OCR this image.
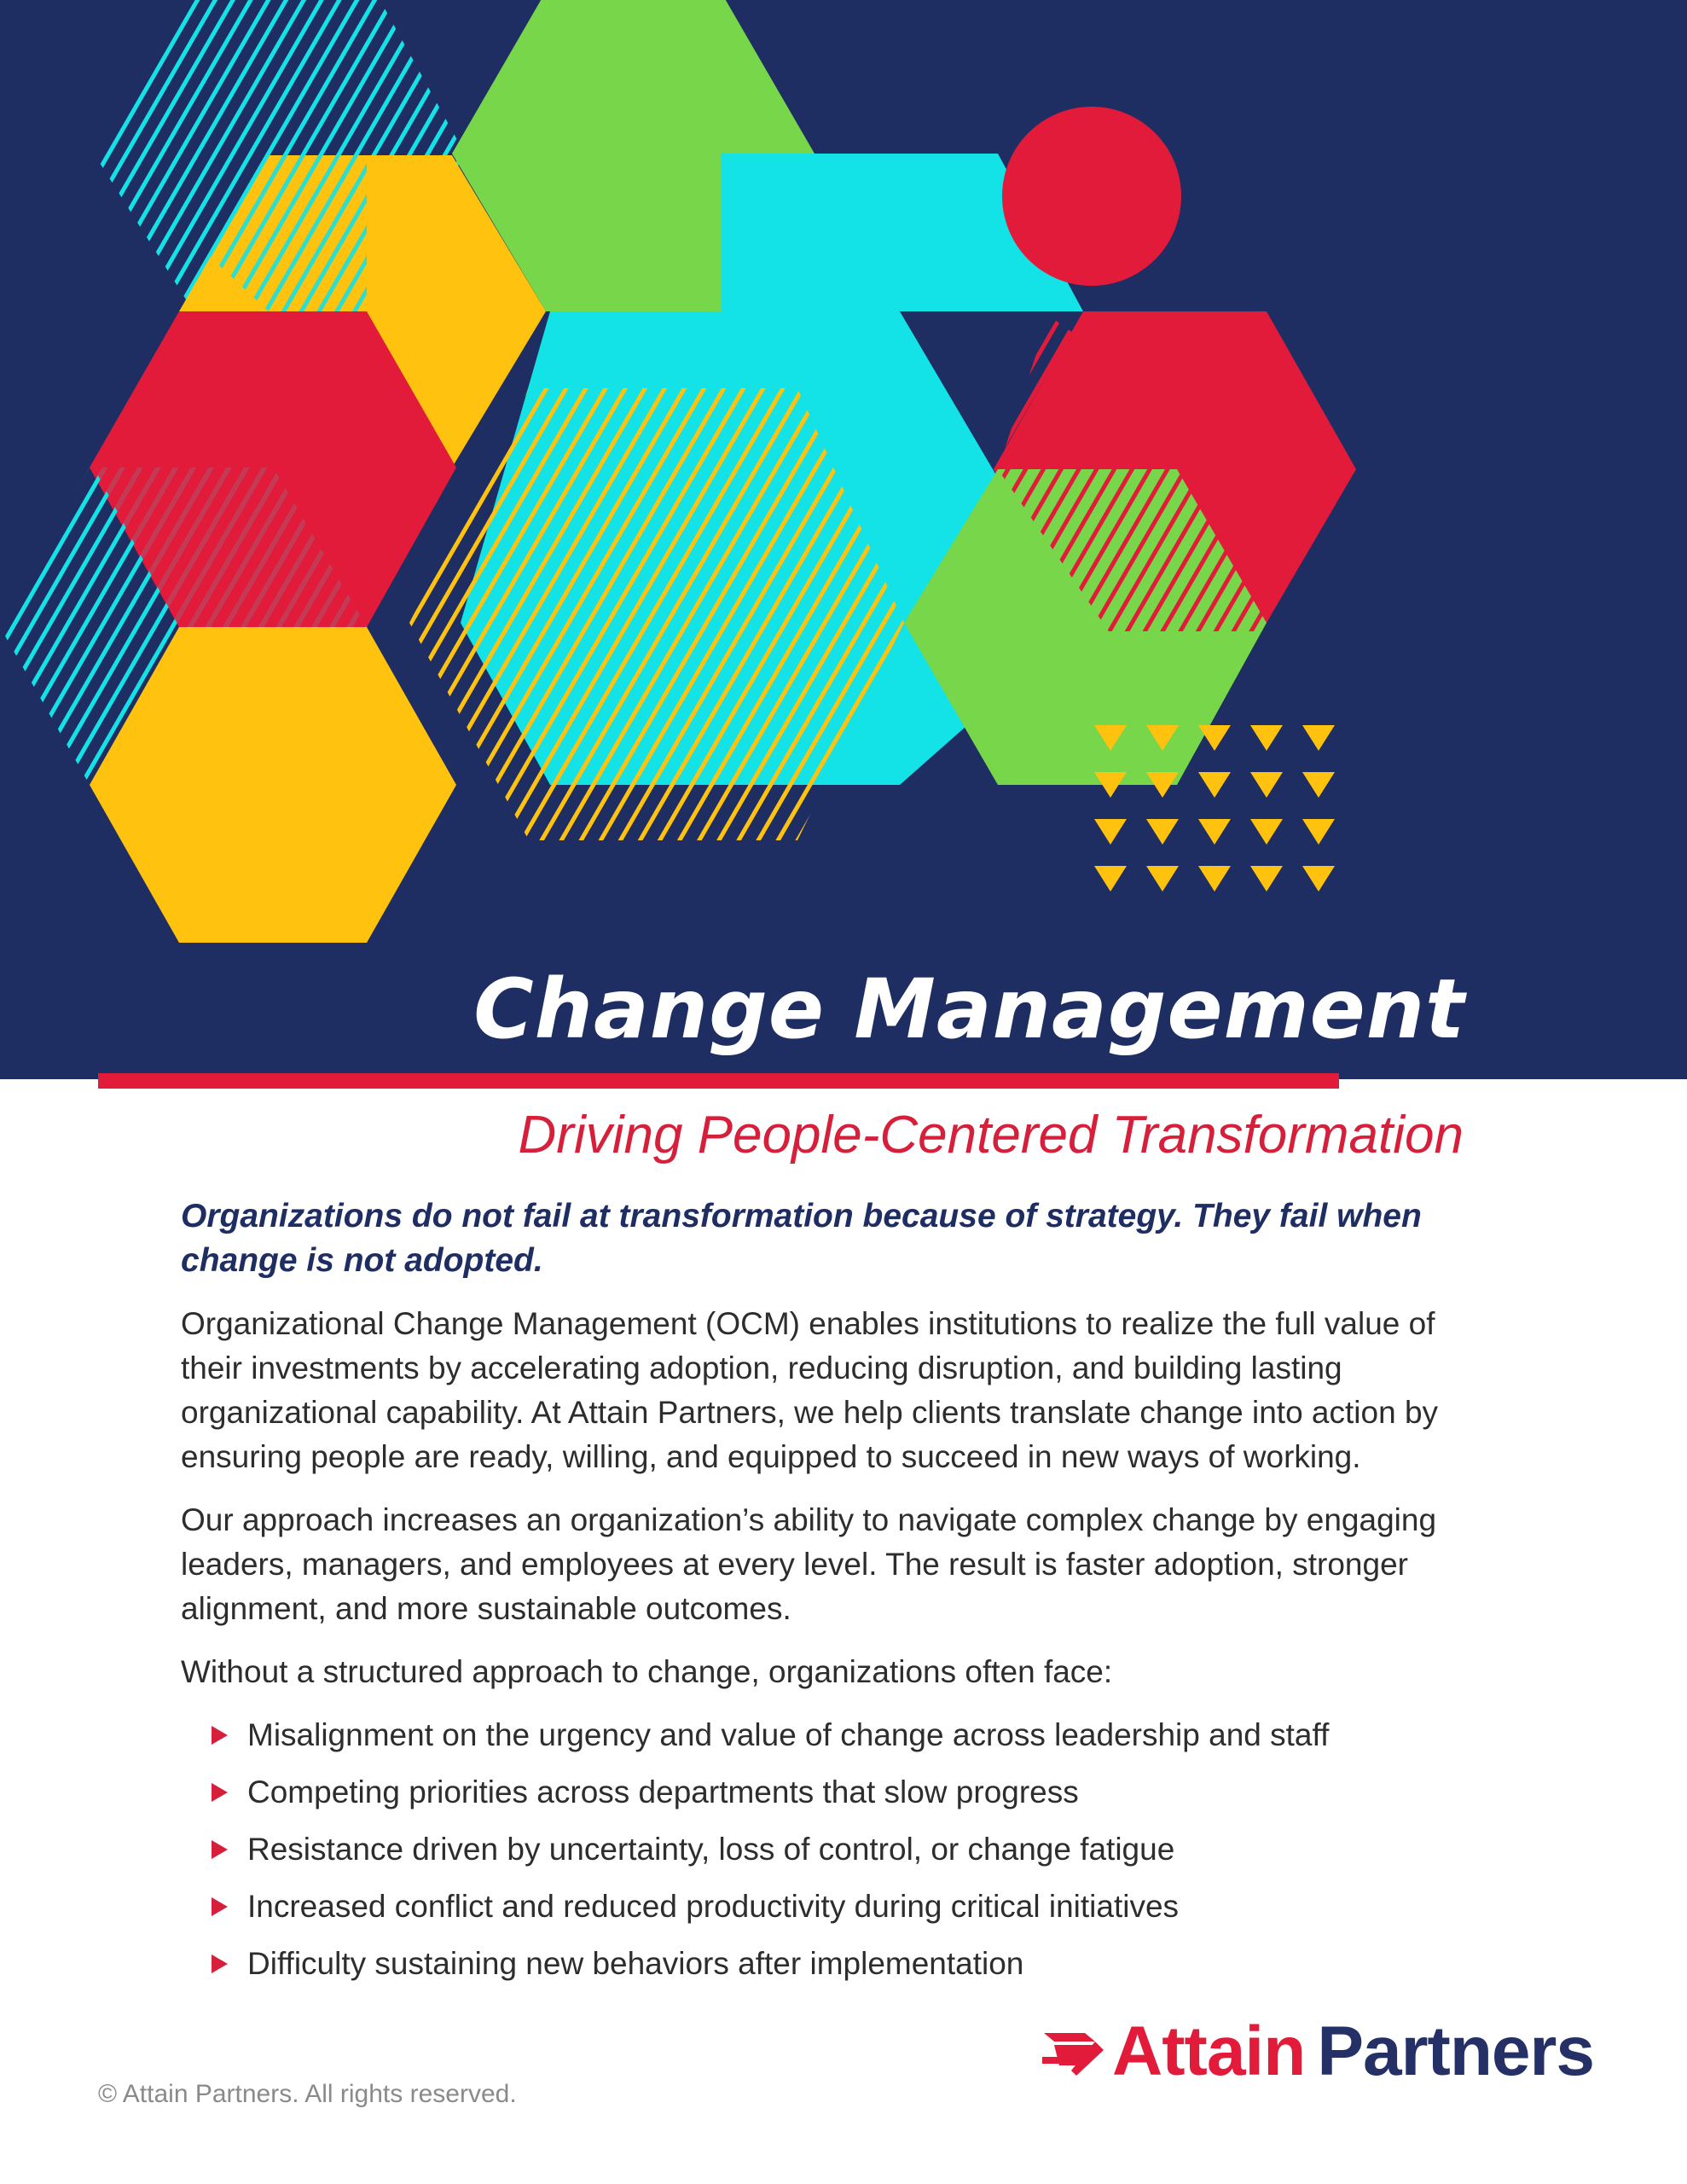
Change Management
Driving People-Centered Transformation

Organizations do not fail at transformation because of strategy. They fail when change is not adopted.

Organizational Change Management (OCM) enables institutions to realize the full value of their investments by accelerating adoption, reducing disruption, and building lasting organizational capability. At Attain Partners, we help clients translate change into action by ensuring people are ready, willing, and equipped to succeed in new ways of working.

Our approach increases an organization’s ability to navigate complex change by engaging leaders, managers, and employees at every level. The result is faster adoption, stronger alignment, and more sustainable outcomes.

Without a structured approach to change, organizations often face:

Misalignment on the urgency and value of change across leadership and staff
Competing priorities across departments that slow progress
Resistance driven by uncertainty, loss of control, or change fatigue
Increased conflict and reduced productivity during critical initiatives
Difficulty sustaining new behaviors after implementation
Attain Partners
© Attain Partners. All rights reserved.
